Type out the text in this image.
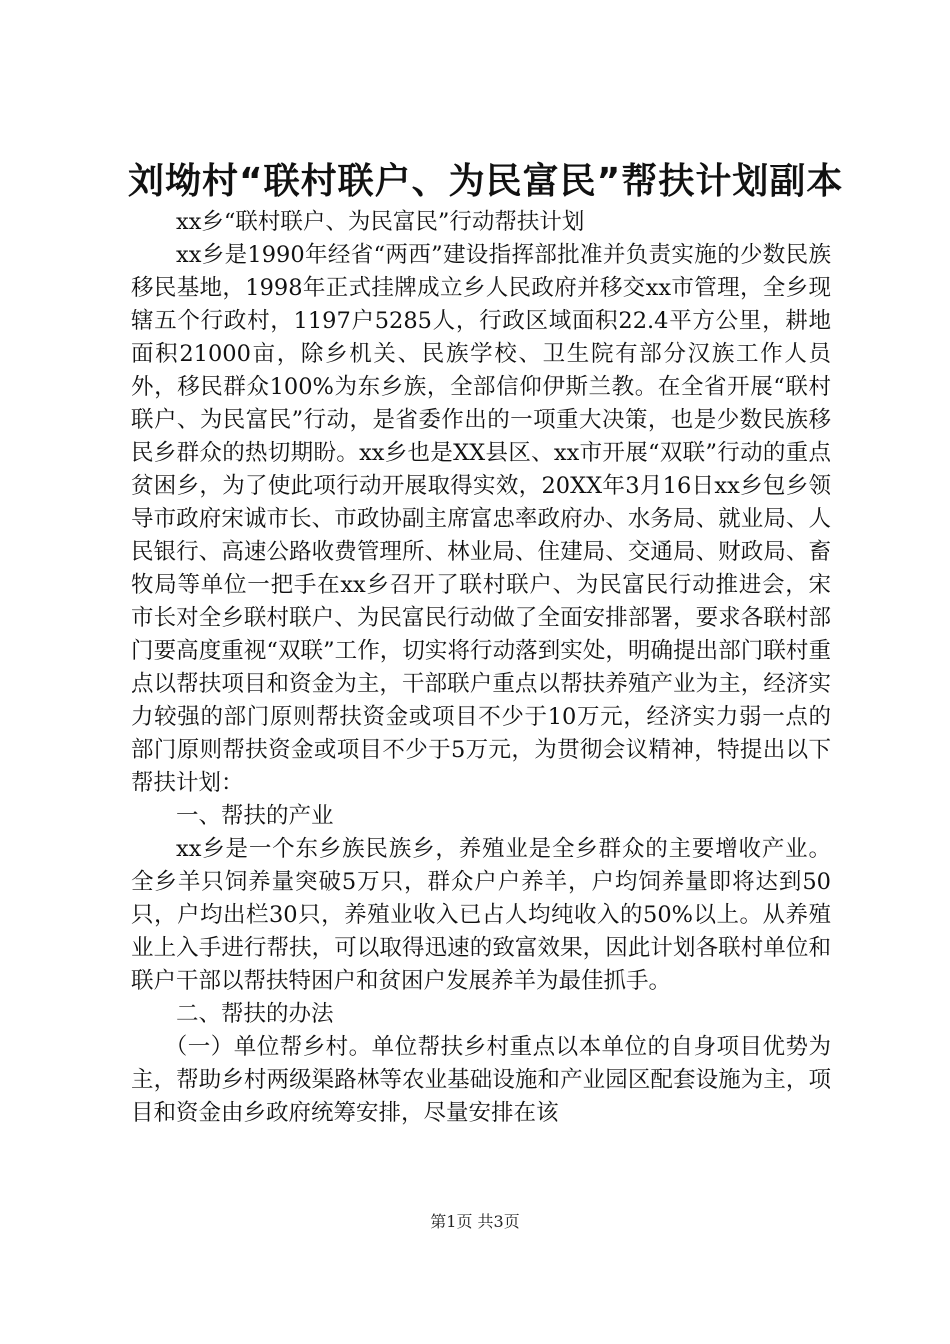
刘坳村“联村联户、为民富民”帮扶计划副本

xx乡“联村联户、为民富民”行动帮扶计划

xx乡是1990年经省“两西”建设指挥部批准并负责实施的少数民族移民基地，1998年正式挂牌成立乡人民政府并移交xx市管理，全乡现辖五个行政村，1197户5285人，行政区域面积22.4平方公里，耕地面积21000亩，除乡机关、民族学校、卫生院有部分汉族工作人员外，移民群众100%为东乡族，全部信仰伊斯兰教。在全省开展“联村联户、为民富民”行动，是省委作出的一项重大决策，也是少数民族移民乡群众的热切期盼。xx乡也是XX县区、xx市开展“双联”行动的重点贫困乡，为了使此项行动开展取得实效，20XX年3月16日xx乡包乡领导市政府宋诚市长、市政协副主席富忠率政府办、水务局、就业局、人民银行、高速公路收费管理所、林业局、住建局、交通局、财政局、畜牧局等单位一把手在xx乡召开了联村联户、为民富民行动推进会，宋市长对全乡联村联户、为民富民行动做了全面安排部署，要求各联村部门要高度重视“双联”工作，切实将行动落到实处，明确提出部门联村重点以帮扶项目和资金为主，干部联户重点以帮扶养殖产业为主，经济实力较强的部门原则帮扶资金或项目不少于10万元，经济实力弱一点的部门原则帮扶资金或项目不少于5万元，为贯彻会议精神，特提出以下帮扶计划：

一、帮扶的产业

xx乡是一个东乡族民族乡，养殖业是全乡群众的主要增收产业。全乡羊只饲养量突破5万只，群众户户养羊，户均饲养量即将达到50只，户均出栏30只，养殖业收入已占人均纯收入的50%以上。从养殖业上入手进行帮扶，可以取得迅速的致富效果，因此计划各联村单位和联户干部以帮扶特困户和贫困户发展养羊为最佳抓手。

二、帮扶的办法

（一）单位帮乡村。单位帮扶乡村重点以本单位的自身项目优势为主，帮助乡村两级渠路林等农业基础设施和产业园区配套设施为主，项目和资金由乡政府统筹安排，尽量安排在该

第1页 共3页
